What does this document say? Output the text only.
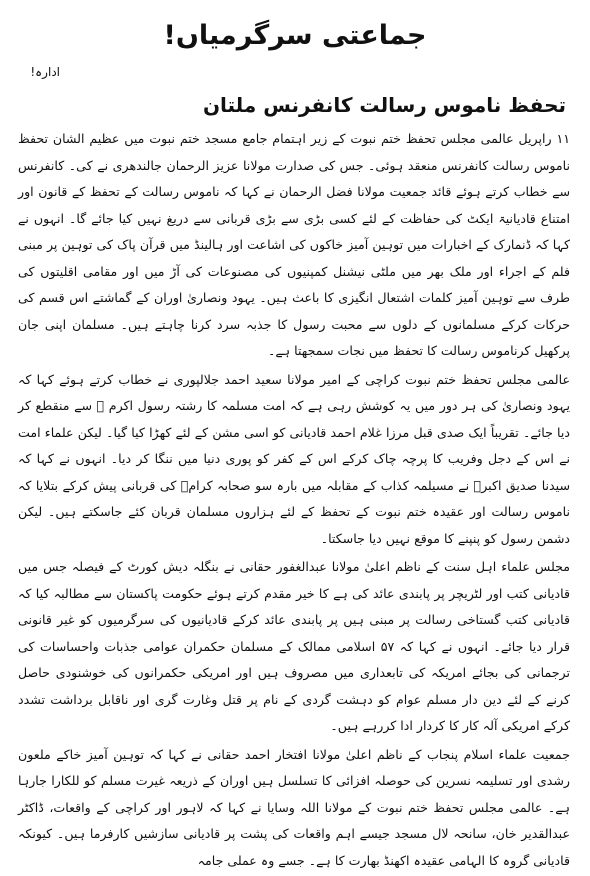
جماعتی سرگرمیاں!
ادارہ!
تحفظ ناموس رسالت کانفرنس ملتان

۱۱ راپریل عالمی مجلس تحفظ ختم نبوت کے زیر اہتمام جامع مسجد ختم نبوت میں عظیم الشان تحفظ ناموس رسالت کانفرنس منعقد ہوئی۔ جس کی صدارت مولانا عزیز الرحمان جالندھری نے کی۔ کانفرنس سے خطاب کرتے ہوئے قائد جمعیت مولانا فضل الرحمان نے کہا کہ ناموس رسالت کے تحفظ کے قانون اور امتناع قادیانیۃ ایکٹ کی حفاظت کے لئے کسی بڑی سے بڑی قربانی سے دریغ نہیں کیا جائے گا۔ انہوں نے کہا کہ ڈنمارک کے اخبارات میں توہین آمیز خاکوں کی اشاعت اور ہالینڈ میں قرآن پاک کی توہین پر مبنی فلم کے اجراء اور ملک بھر میں ملٹی نیشنل کمپنیوں کی مصنوعات کی آڑ میں اور مقامی اقلیتوں کی طرف سے توہین آمیز کلمات اشتعال انگیزی کا باعث ہیں۔ یہود ونصاریٰ اوران کے گماشتے اس قسم کی حرکات کرکے مسلمانوں کے دلوں سے محبت رسول کا جذبہ سرد کرنا چاہتے ہیں۔ مسلمان اپنی جان پرکھیل کرناموس رسالت کا تحفظ میں نجات سمجھتا ہے۔

عالمی مجلس تحفظ ختم نبوت کراچی کے امیر مولانا سعید احمد جلالپوری نے خطاب کرتے ہوئے کہا کہ یہود ونصاریٰ کی ہر دور میں یہ کوشش رہی ہے کہ امت مسلمہ کا رشتہ رسول اکرم ﷺ سے منقطع کر دیا جائے۔ تقریباً ایک صدی قبل مرزا غلام احمد قادیانی کو اسی مشن کے لئے کھڑا کیا گیا۔ لیکن علماء امت نے اس کے دجل وفریب کا پرچہ چاک کرکے اس کے کفر کو پوری دنیا میں ننگا کر دیا۔ انہوں نے کہا کہ سیدنا صدیق اکبرؓ نے مسیلمہ کذاب کے مقابلہ میں بارہ سو صحابہ کرامؓ کی قربانی پیش کرکے بتلایا کہ ناموس رسالت اور عقیدہ ختم نبوت کے تحفظ کے لئے ہزاروں مسلمان قربان کئے جاسکتے ہیں۔ لیکن دشمن رسول کو پنپنے کا موقع نہیں دیا جاسکتا۔

مجلس علماء اہل سنت کے ناظم اعلیٰ مولانا عبدالغفور حقانی نے بنگلہ دیش کورٹ کے فیصلہ جس میں قادیانی کتب اور لٹریچر پر پابندی عائد کی ہے کا خیر مقدم کرتے ہوئے حکومت پاکستان سے مطالبہ کیا کہ قادیانی کتب گستاخی رسالت پر مبنی ہیں پر پابندی عائد کرکے قادیانیوں کی سرگرمیوں کو غیر قانونی قرار دیا جائے۔ انہوں نے کہا کہ ۵۷ اسلامی ممالک کے مسلمان حکمران عوامی جذبات واحساسات کی ترجمانی کی بجائے امریکہ کی تابعداری میں مصروف ہیں اور امریکی حکمرانوں کی خوشنودی حاصل کرنے کے لئے دین دار مسلم عوام کو دہشت گردی کے نام پر قتل وغارت گری اور ناقابل برداشت تشدد کرکے امریکی آلہ کار کا کردار ادا کررہے ہیں۔

جمعیت علماء اسلام پنجاب کے ناظم اعلیٰ مولانا افتخار احمد حقانی نے کہا کہ توہین آمیز خاکے ملعون رشدی اور تسلیمہ نسرین کی حوصلہ افزائی کا تسلسل ہیں اوران کے ذریعہ غیرت مسلم کو للکارا جارہا ہے۔ عالمی مجلس تحفظ ختم نبوت کے مولانا اللہ وسایا نے کہا کہ لاہور اور کراچی کے واقعات، ڈاکٹر عبدالقدیر خان، سانحہ لال مسجد جیسے اہم واقعات کی پشت پر قادیانی سازشیں کارفرما ہیں۔ کیونکہ قادیانی گروہ کا الہامی عقیدہ اکھنڈ بھارت کا ہے۔ جسے وہ عملی جامہ
